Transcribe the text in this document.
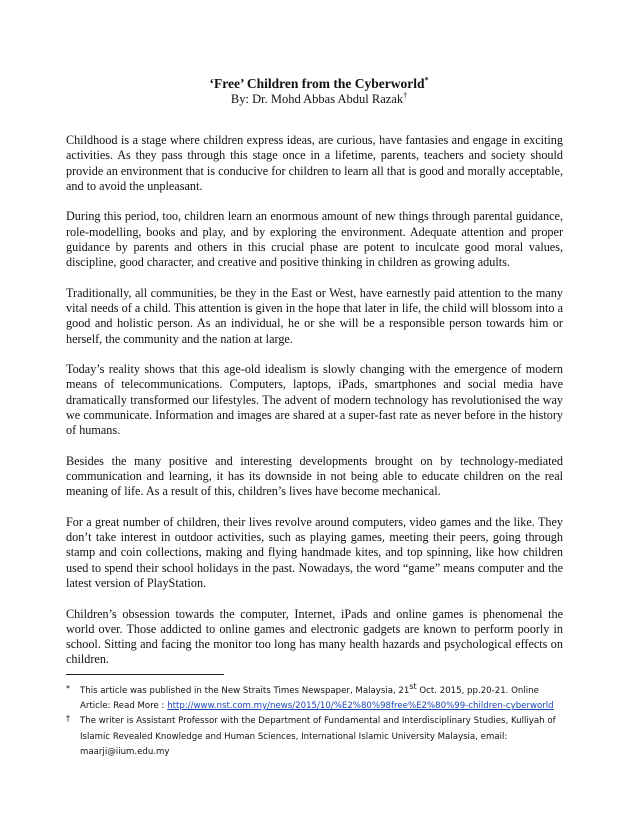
‘Free’ Children from the Cyberworld*
By: Dr. Mohd Abbas Abdul Razak†

Childhood is a stage where children express ideas, are curious, have fantasies and engage in exciting activities. As they pass through this stage once in a lifetime, parents, teachers and society should provide an environment that is conducive for children to learn all that is good and morally acceptable, and to avoid the unpleasant.

During this period, too, children learn an enormous amount of new things through parental guidance, role-modelling, books and play, and by exploring the environment. Adequate attention and proper guidance by parents and others in this crucial phase are potent to inculcate good moral values, discipline, good character, and creative and positive thinking in children as growing adults.

Traditionally, all communities, be they in the East or West, have earnestly paid attention to the many vital needs of a child. This attention is given in the hope that later in life, the child will blossom into a good and holistic person. As an individual, he or she will be a responsible person towards him or herself, the community and the nation at large.

Today’s reality shows that this age-old idealism is slowly changing with the emergence of modern means of telecommunications. Computers, laptops, iPads, smartphones and social media have dramatically transformed our lifestyles. The advent of modern technology has revolutionised the way we communicate. Information and images are shared at a super-fast rate as never before in the history of humans.

Besides the many positive and interesting developments brought on by technology-mediated communication and learning, it has its downside in not being able to educate children on the real meaning of life. As a result of this, children’s lives have become mechanical.

For a great number of children, their lives revolve around computers, video games and the like. They don’t take interest in outdoor activities, such as playing games, meeting their peers, going through stamp and coin collections, making and flying handmade kites, and top spinning, like how children used to spend their school holidays in the past. Nowadays, the word “game” means computer and the latest version of PlayStation.

Children’s obsession towards the computer, Internet, iPads and online games is phenomenal the world over. Those addicted to online games and electronic gadgets are known to perform poorly in school. Sitting and facing the monitor too long has many health hazards and psychological effects on children.

* This article was published in the New Straits Times Newspaper, Malaysia, 21st Oct. 2015, pp.20-21. Online Article: Read More : http://www.nst.com.my/news/2015/10/%E2%80%98free%E2%80%99-children-cyberworld

† The writer is Assistant Professor with the Department of Fundamental and Interdisciplinary Studies, Kulliyah of Islamic Revealed Knowledge and Human Sciences, International Islamic University Malaysia, email: maarji@iium.edu.my
